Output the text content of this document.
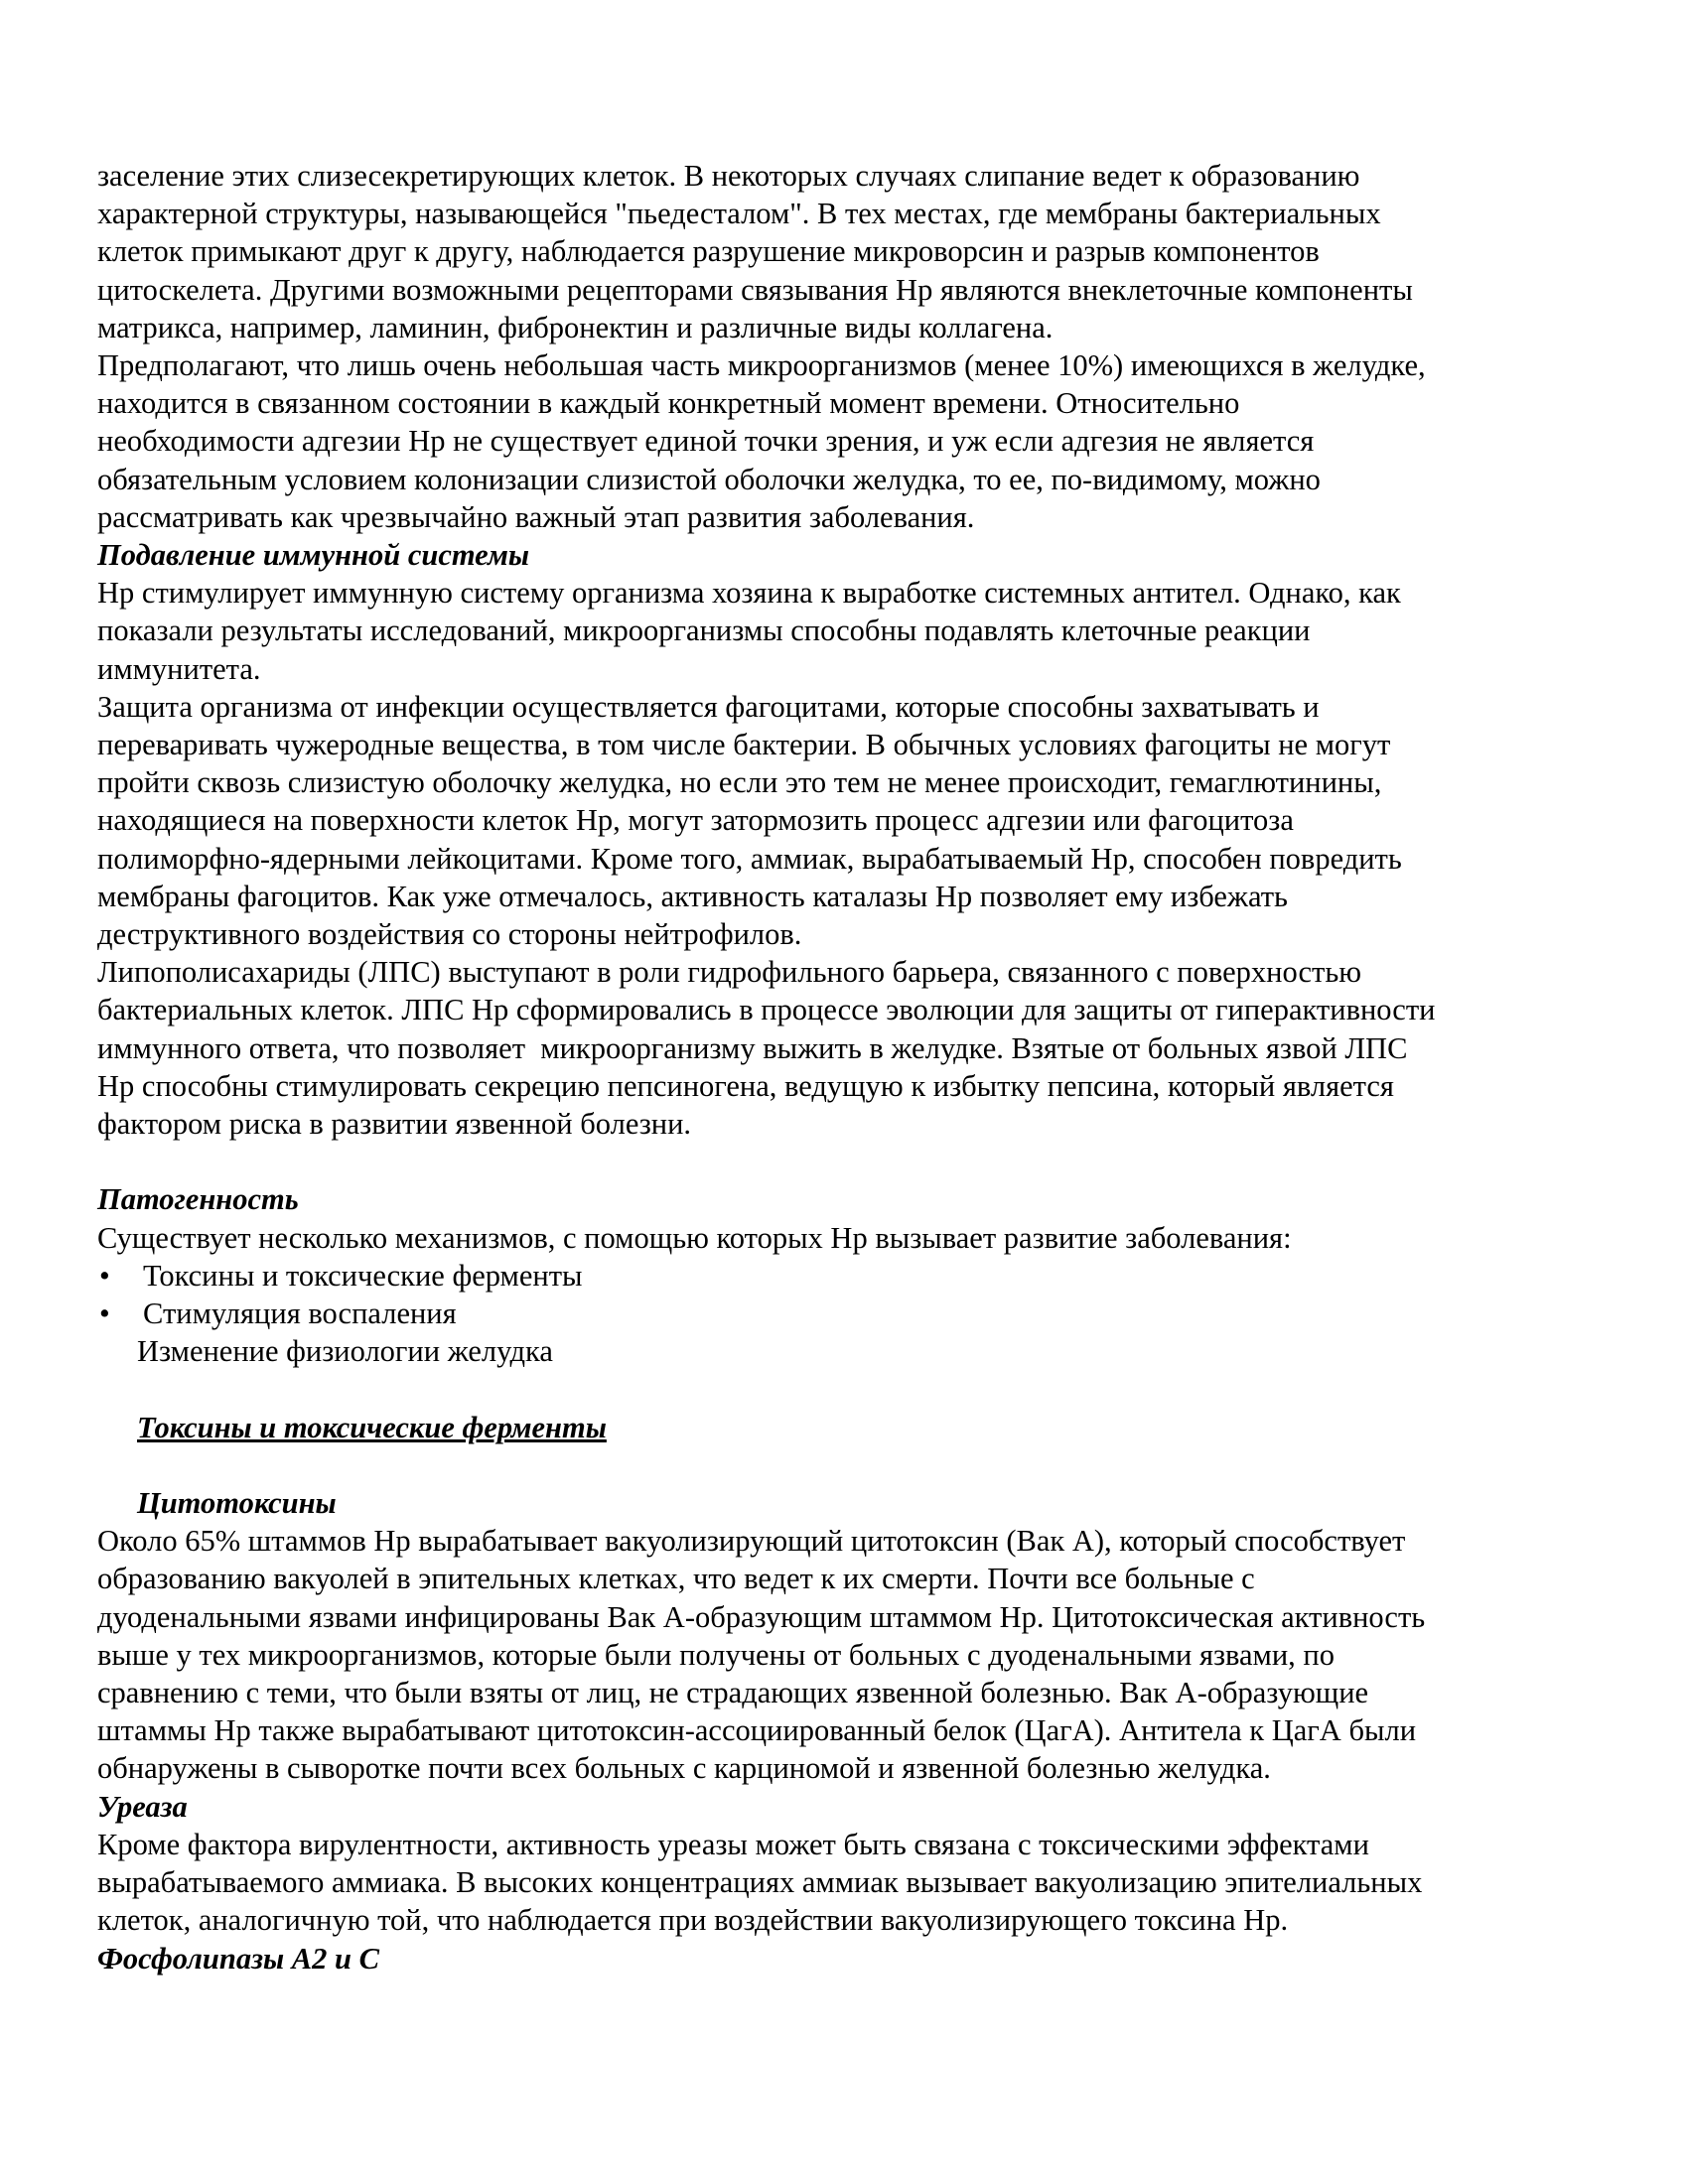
заселение этих слизесекретирующих клеток. В некоторых случаях слипание ведет к образованию
характерной структуры, называющейся "пьедесталом". В тех местах, где мембраны бактериальных
клеток примыкают друг к другу, наблюдается разрушение микроворсин и разрыв компонентов
цитоскелета. Другими возможными рецепторами связывания Нр являются внеклеточные компоненты
матрикса, например, ламинин, фибронектин и различные виды коллагена.
Предполагают, что лишь очень небольшая часть микроорганизмов (менее 10%) имеющихся в желудке,
находится в связанном состоянии в каждый конкретный момент времени. Относительно
необходимости адгезии Нр не существует единой точки зрения, и уж если адгезия не является
обязательным условием колонизации слизистой оболочки желудка, то ее, по-видимому, можно
рассматривать как чрезвычайно важный этап развития заболевания.
Подавление иммунной системы
Нр стимулирует иммунную систему организма хозяина к выработке системных антител. Однако, как
показали результаты исследований, микроорганизмы способны подавлять клеточные реакции
иммунитета.
Защита организма от инфекции осуществляется фагоцитами, которые способны захватывать и
переваривать чужеродные вещества, в том числе бактерии. В обычных условиях фагоциты не могут
пройти сквозь слизистую оболочку желудка, но если это тем не менее происходит, гемаглютинины,
находящиеся на поверхности клеток Нр, могут затормозить процесс адгезии или фагоцитоза
полиморфно-ядерными лейкоцитами. Кроме того, аммиак, вырабатываемый Нр, способен повредить
мембраны фагоцитов. Как уже отмечалось, активность каталазы Нр позволяет ему избежать
деструктивного воздействия со стороны нейтрофилов.
Липополисахариды (ЛПС) выступают в роли гидрофильного барьера, связанного с поверхностью
бактериальных клеток. ЛПС Нр сформировались в процессе эволюции для защиты от гиперактивности
иммунного ответа, что позволяет  микроорганизму выжить в желудке. Взятые от больных язвой ЛПС
Нр способны стимулировать секрецию пепсиногена, ведущую к избытку пепсина, который является
фактором риска в развитии язвенной болезни.
Патогенность
Существует несколько механизмов, с помощью которых Нр вызывает развитие заболевания:
•	Токсины и токсические ферменты
•	Стимуляция воспаления
Изменение физиологии желудка
Токсины и токсические ферменты
Цитотоксины
Около 65% штаммов Нр вырабатывает вакуолизирующий цитотоксин (Вак А), который способствует
образованию вакуолей в эпительных клетках, что ведет к их смерти. Почти все больные с
дуоденальными язвами инфицированы Вак А-образующим штаммом Нр. Цитотоксическая активность
выше у тех микроорганизмов, которые были получены от больных с дуоденальными язвами, по
сравнению с теми, что были взяты от лиц, не страдающих язвенной болезнью. Вак А-образующие
штаммы Нр также вырабатывают цитотоксин-ассоциированный белок (ЦагА). Антитела к ЦагА были
обнаружены в сыворотке почти всех больных с карциномой и язвенной болезнью желудка.
Уреаза
Кроме фактора вирулентности, активность уреазы может быть связана с токсическими эффектами
вырабатываемого аммиака. В высоких концентрациях аммиак вызывает вакуолизацию эпителиальных
клеток, аналогичную той, что наблюдается при воздействии вакуолизирующего токсина Нр.
Фосфолипазы А2 и С
